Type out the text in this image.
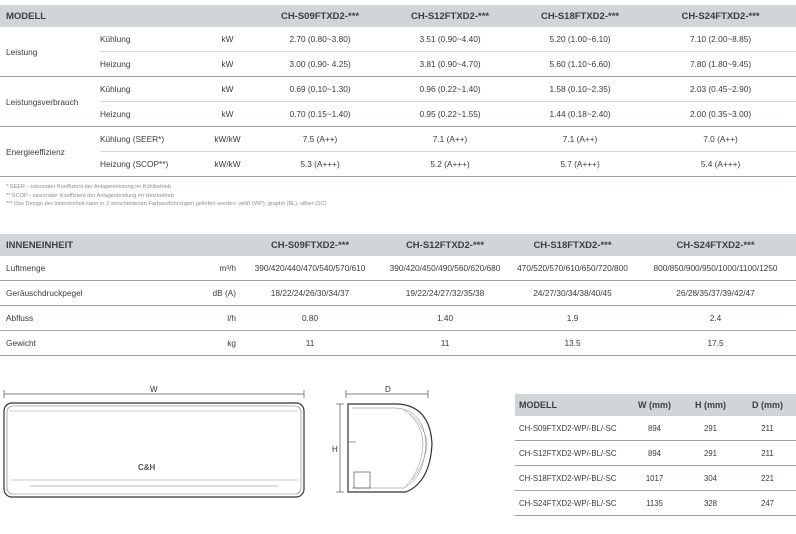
MODELL			CH-S09FTXD2-***	CH-S12FTXD2-***	CH-S18FTXD2-***	CH-S24FTXD2-***
Leistung	Kühlung	kW	2.70 (0.80~3.80)	3.51 (0.90~4.40)	5.20 (1.00~6.10)	7.10 (2.00~8.85)
	Heizung	kW	3.00 (0.90- 4.25)	3.81 (0.90~4.70)	5.60 (1.10~6.60)	7.80 (1.80~9.45)
Leistungsverbrauch	Kühlung	kW	0.69 (0.10~1.30)	0.96 (0.22~1.40)	1.58 (0.10~2.35)	2.03 (0.45~2.90)
	Heizung	kW	0.70 (0.15~1.40)	0.95 (0.22~1.55)	1.44 (0.18~2.40)	2.00 (0.35~3.00)
Energieeffizienz	Kühlung (SEER*)	kW/kW	7.5 (A++)	7.1 (A++)	7.1 (A++)	7.0 (A++)
	Heizung (SCOP**)	kW/kW	5.3 (A+++)	5.2 (A+++)	5.7 (A+++)	5.4 (A+++)
* SEER - saisonaler Koeffizient der Anlagenleistung im Kühlbetrieb
** SCOP - saisonaler Koeffizient der Anlagenleistung im Heizbetrieb
*** Das Design der Inneneinheit kann in 3 verschiedenen Farbausführungen geliefert werden: weiß (WP), graphit (BL), silber (SC)
INNENEINHEIT		CH-S09FTXD2-***	CH-S12FTXD2-***	CH-S18FTXD2-***	CH-S24FTXD2-***
Luftmenge	m³/h	390/420/440/470/540/570/610	390/420/450/490/560/620/680	470/520/570/610/650/720/800	800/850/900/950/1000/1100/1250
Geräuschdruckpegel	dB (A)	18/22/24/26/30/34/37	19/22/24/27/32/35/38	24/27/30/34/38/40/45	26/28/35/37/39/42/47
Abfluss	l/h	0.80	1.40	1.9	2.4
Gewicht	kg	11	11	13.5	17.5
W
C&H
D
H
MODELL	W (mm)	H (mm)	D (mm)
CH-S09FTXD2-WP/-BL/-SC	894	291	211
CH-S12FTXD2-WP/-BL/-SC	894	291	211
CH-S18FTXD2-WP/-BL/-SC	1017	304	221
CH-S24FTXD2-WP/-BL/-SC	1135	328	247
